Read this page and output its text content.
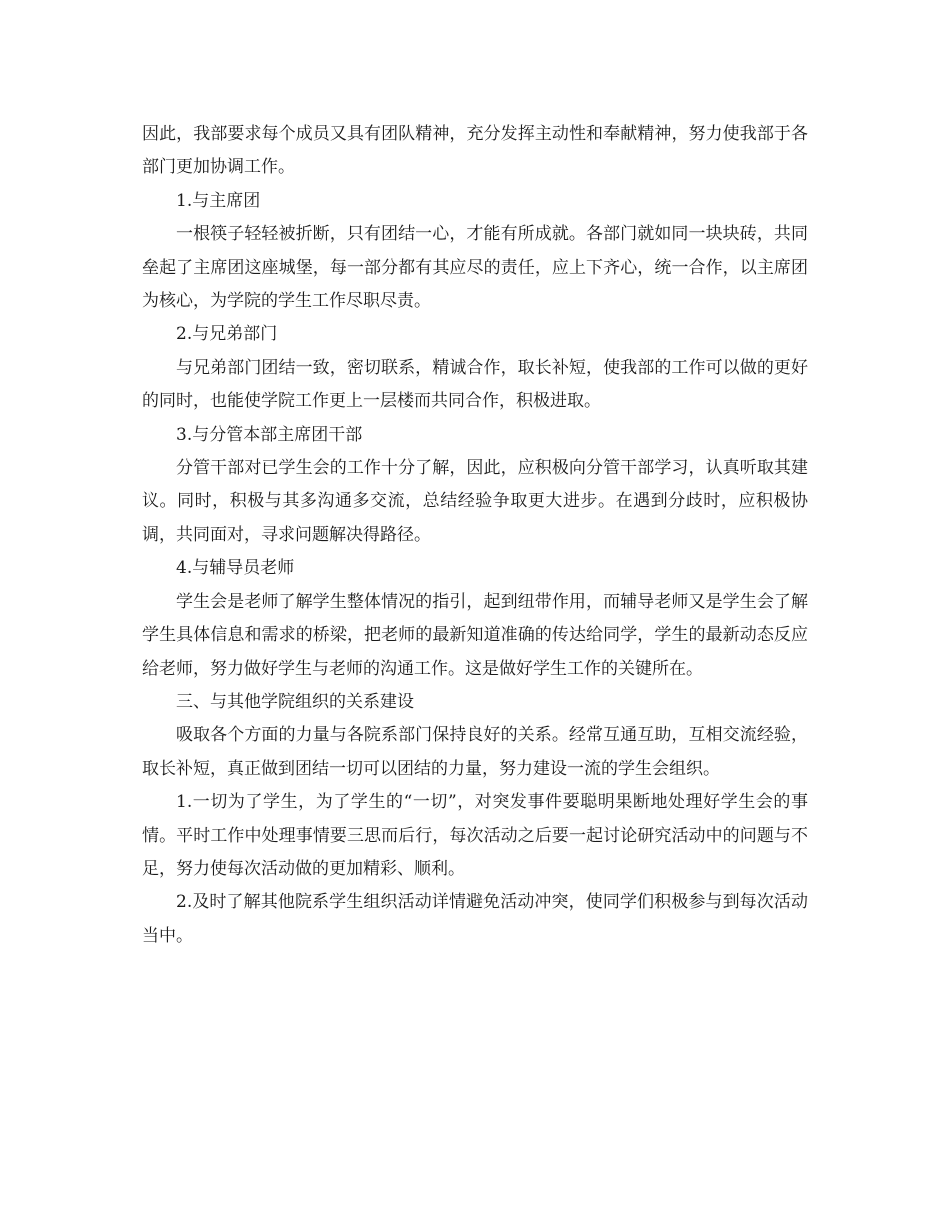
因此，我部要求每个成员又具有团队精神，充分发挥主动性和奉献精神，努力使我部于各部门更加协调工作。

1.与主席团

一根筷子轻轻被折断，只有团结一心，才能有所成就。各部门就如同一块块砖，共同垒起了主席团这座城堡，每一部分都有其应尽的责任，应上下齐心，统一合作，以主席团为核心，为学院的学生工作尽职尽责。

2.与兄弟部门

与兄弟部门团结一致，密切联系，精诚合作，取长补短，使我部的工作可以做的更好的同时，也能使学院工作更上一层楼而共同合作，积极进取。

3.与分管本部主席团干部

分管干部对已学生会的工作十分了解，因此，应积极向分管干部学习，认真听取其建议。同时，积极与其多沟通多交流，总结经验争取更大进步。在遇到分歧时，应积极协调，共同面对，寻求问题解决得路径。

4.与辅导员老师

学生会是老师了解学生整体情况的指引，起到纽带作用，而辅导老师又是学生会了解学生具体信息和需求的桥梁，把老师的最新知道准确的传达给同学，学生的最新动态反应给老师，努力做好学生与老师的沟通工作。这是做好学生工作的关键所在。

三、与其他学院组织的关系建设

吸取各个方面的力量与各院系部门保持良好的关系。经常互通互助，互相交流经验，取长补短，真正做到团结一切可以团结的力量，努力建设一流的学生会组织。

1.一切为了学生，为了学生的“一切”，对突发事件要聪明果断地处理好学生会的事情。平时工作中处理事情要三思而后行，每次活动之后要一起讨论研究活动中的问题与不足，努力使每次活动做的更加精彩、顺利。

2.及时了解其他院系学生组织活动详情避免活动冲突，使同学们积极参与到每次活动当中。
